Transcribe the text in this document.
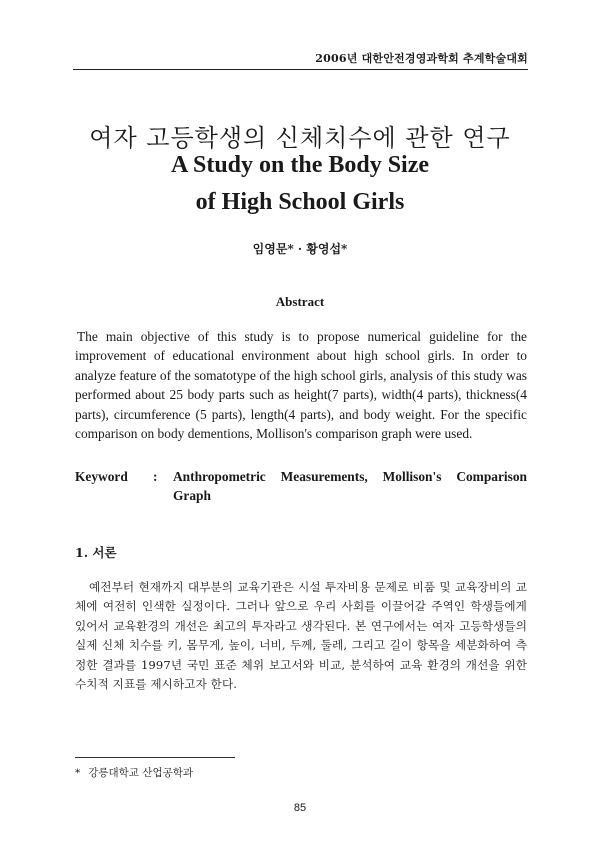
2006년 대한안전경영과학회 추계학술대회
여자 고등학생의 신체치수에 관한 연구
A Study on the Body Size
of High School Girls
임영문* · 황영섭*
Abstract

The main objective of this study is to propose numerical guideline for the improvement of educational environment about high school girls. In order to analyze feature of the somatotype of the high school girls, analysis of this study was performed about 25 body parts such as height(7 parts), width(4 parts), thickness(4 parts), circumference (5 parts), length(4 parts), and body weight. For the specific comparison on body dementions, Mollison's comparison graph were used.

Keyword	:	Anthropometric Measurements, Mollison's Comparison Graph
1. 서론

예전부터 현재까지 대부분의 교육기관은 시설 투자비용 문제로 비품 및 교육장비의 교체에 여전히 인색한 실정이다. 그러나 앞으로 우리 사회를 이끌어갈 주역인 학생들에게 있어서 교육환경의 개선은 최고의 투자라고 생각된다. 본 연구에서는 여자 고등학생들의 실제 신체 치수를 키, 몸무게, 높이, 너비, 두께, 둘레, 그리고 길이 항목을 세분화하여 측정한 결과를 1997년 국민 표준 체위 보고서와 비교, 분석하여 교육 환경의 개선을 위한 수치적 지표를 제시하고자 한다.

* 강릉대학교 산업공학과
85
